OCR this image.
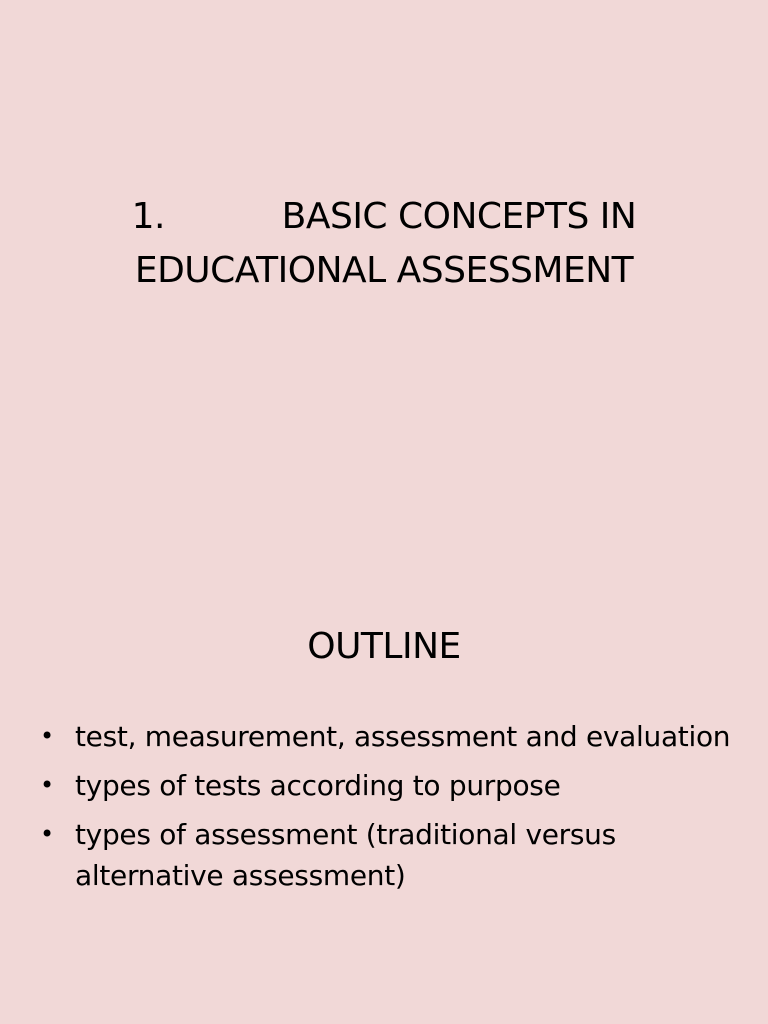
1.	BASIC CONCEPTS IN
EDUCATIONAL ASSESSMENT
OUTLINE
• test, measurement, assessment and evaluation
• types of tests according to purpose
• types of assessment (traditional versus alternative assessment)
